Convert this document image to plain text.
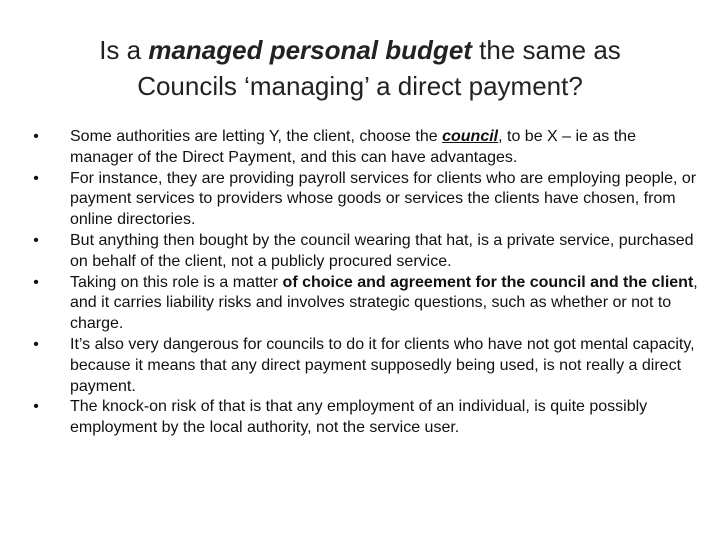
Is a managed personal budget the same as
Councils ‘managing’ a direct payment?
•	Some authorities are letting Y, the client, choose the council, to be X – ie as the manager of the Direct Payment, and this can have advantages.
•	For instance, they are providing payroll services for clients who are employing people, or payment services to providers whose goods or services the clients have chosen, from online directories.
•	But anything then bought by the council wearing that hat, is a private service, purchased on behalf of the client, not a publicly procured service.
•	Taking on this role is a matter of choice and agreement for the council and the client, and it carries liability risks and involves strategic questions, such as whether or not to charge.
•	It’s also very dangerous for councils to do it for clients who have not got mental capacity, because it means that any direct payment supposedly being used, is not really a direct payment.
•	The knock-on risk of that is that any employment of an individual, is quite possibly employment by the local authority, not the service user.
